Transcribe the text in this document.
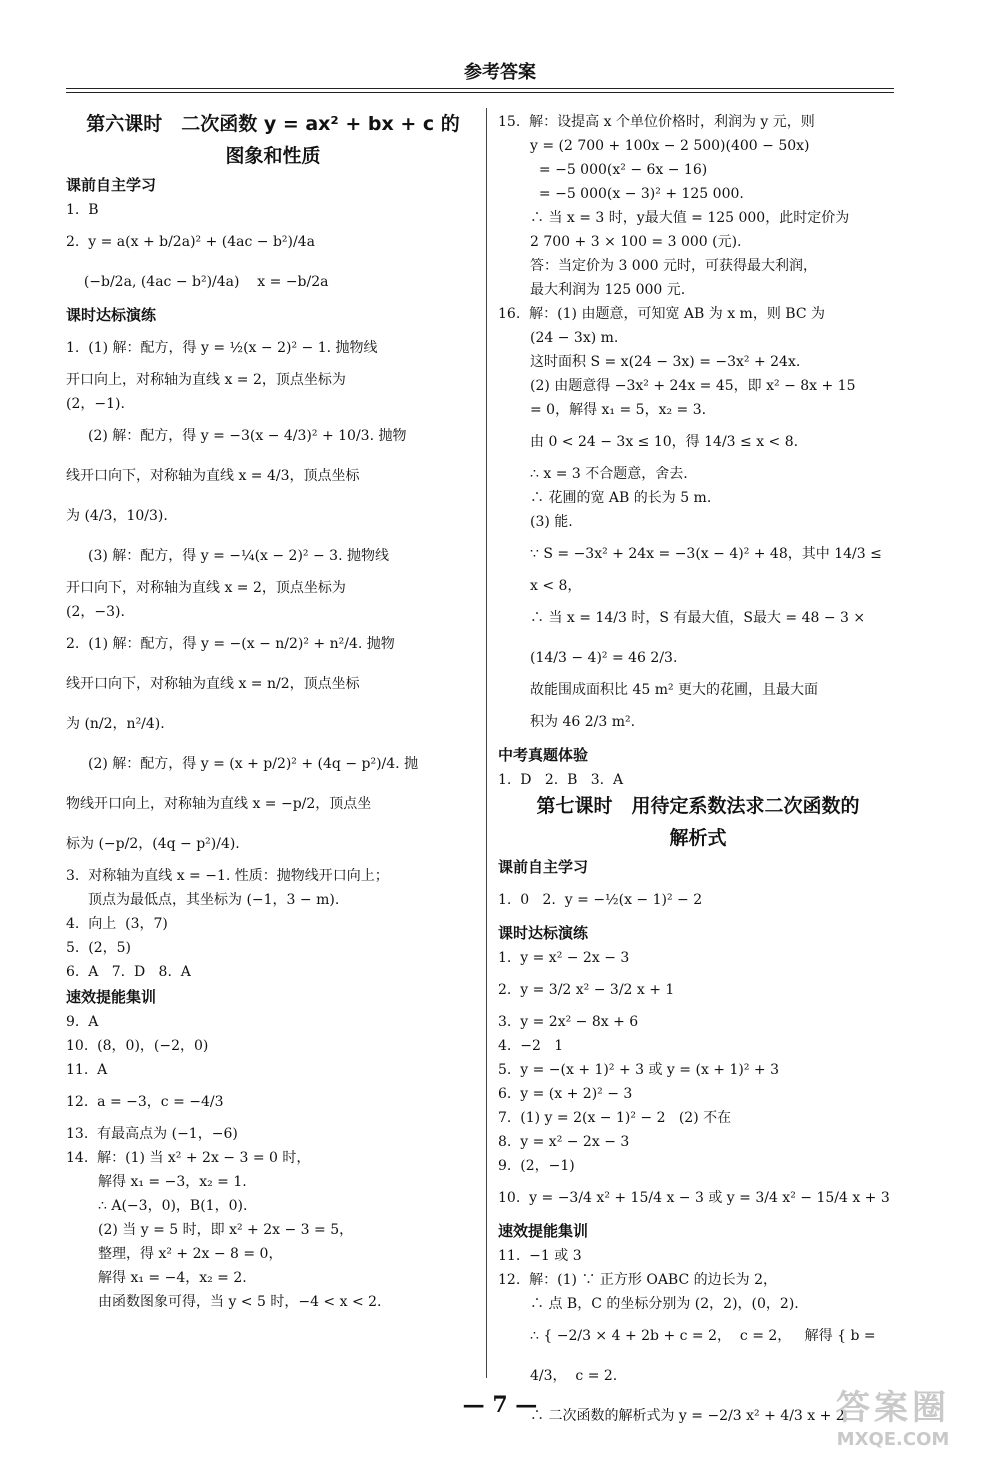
参考答案
第六课时　二次函数 y = ax² + bx + c 的
图象和性质
课前自主学习
1.  B
2.  y = a(x + b/2a)² + (4ac − b²)/4a
(−b/2a, (4ac − b²)/4a)    x = −b/2a
课时达标演练
1.  (1) 解：配方，得 y = ½(x − 2)² − 1. 抛物线
开口向上，对称轴为直线 x = 2，顶点坐标为
(2，−1).
(2) 解：配方，得 y = −3(x − 4/3)² + 10/3. 抛物
线开口向下，对称轴为直线 x = 4/3，顶点坐标
为 (4/3，10/3).
(3) 解：配方，得 y = −¼(x − 2)² − 3. 抛物线
开口向下，对称轴为直线 x = 2，顶点坐标为
(2，−3).
2.  (1) 解：配方，得 y = −(x − n/2)² + n²/4. 抛物
线开口向下，对称轴为直线 x = n/2，顶点坐标
为 (n/2，n²/4).
(2) 解：配方，得 y = (x + p/2)² + (4q − p²)/4. 抛
物线开口向上，对称轴为直线 x = −p/2，顶点坐
标为 (−p/2，(4q − p²)/4).
3.  对称轴为直线 x = −1. 性质：抛物线开口向上；
顶点为最低点，其坐标为 (−1，3 − m).
4.  向上  (3，7)
5.  (2，5)
6.  A   7.  D   8.  A
速效提能集训
9.  A
10.  (8，0)，(−2，0)
11.  A
12.  a = −3，c = −4/3
13.  有最高点为 (−1，−6)
14.  解：(1) 当 x² + 2x − 3 = 0 时，
解得 x₁ = −3，x₂ = 1.
∴ A(−3，0)，B(1，0).
(2) 当 y = 5 时，即 x² + 2x − 3 = 5，
整理，得 x² + 2x − 8 = 0，
解得 x₁ = −4，x₂ = 2.
由函数图象可得，当 y < 5 时，−4 < x < 2.
15.  解：设提高 x 个单位价格时，利润为 y 元，则
y = (2 700 + 100x − 2 500)(400 − 50x)
= −5 000(x² − 6x − 16)
= −5 000(x − 3)² + 125 000.
∴ 当 x = 3 时，y最大值 = 125 000，此时定价为
2 700 + 3 × 100 = 3 000 (元).
答：当定价为 3 000 元时，可获得最大利润，
最大利润为 125 000 元.
16.  解：(1) 由题意，可知宽 AB 为 x m，则 BC 为
(24 − 3x) m.
这时面积 S = x(24 − 3x) = −3x² + 24x.
(2) 由题意得 −3x² + 24x = 45，即 x² − 8x + 15
= 0，解得 x₁ = 5，x₂ = 3.
由 0 < 24 − 3x ≤ 10，得 14/3 ≤ x < 8.
∴ x = 3 不合题意，舍去.
∴ 花圃的宽 AB 的长为 5 m.
(3) 能.
∵ S = −3x² + 24x = −3(x − 4)² + 48，其中 14/3 ≤
x < 8，
∴ 当 x = 14/3 时，S 有最大值，S最大 = 48 − 3 ×
(14/3 − 4)² = 46 2/3.
故能围成面积比 45 m² 更大的花圃，且最大面
积为 46 2/3 m².
中考真题体验
1.  D   2.  B   3.  A
第七课时　用待定系数法求二次函数的
解析式
课前自主学习
1.  0   2.  y = −½(x − 1)² − 2
课时达标演练
1.  y = x² − 2x − 3
2.  y = 3/2 x² − 3/2 x + 1
3.  y = 2x² − 8x + 6
4.  −2   1
5.  y = −(x + 1)² + 3 或 y = (x + 1)² + 3
6.  y = (x + 2)² − 3
7.  (1) y = 2(x − 1)² − 2   (2) 不在
8.  y = x² − 2x − 3
9.  (2，−1)
10.  y = −3/4 x² + 15/4 x − 3 或 y = 3/4 x² − 15/4 x + 3
速效提能集训
11.  −1 或 3
12.  解：(1) ∵ 正方形 OABC 的边长为 2，
∴ 点 B，C 的坐标分别为 (2，2)，(0，2).
∴ { −2/3 × 4 + 2b + c = 2，  c = 2，   解得 { b = 4/3，  c = 2.
∴ 二次函数的解析式为 y = −2/3 x² + 4/3 x + 2.
— 7 —	答案圈
MXQE.COM
